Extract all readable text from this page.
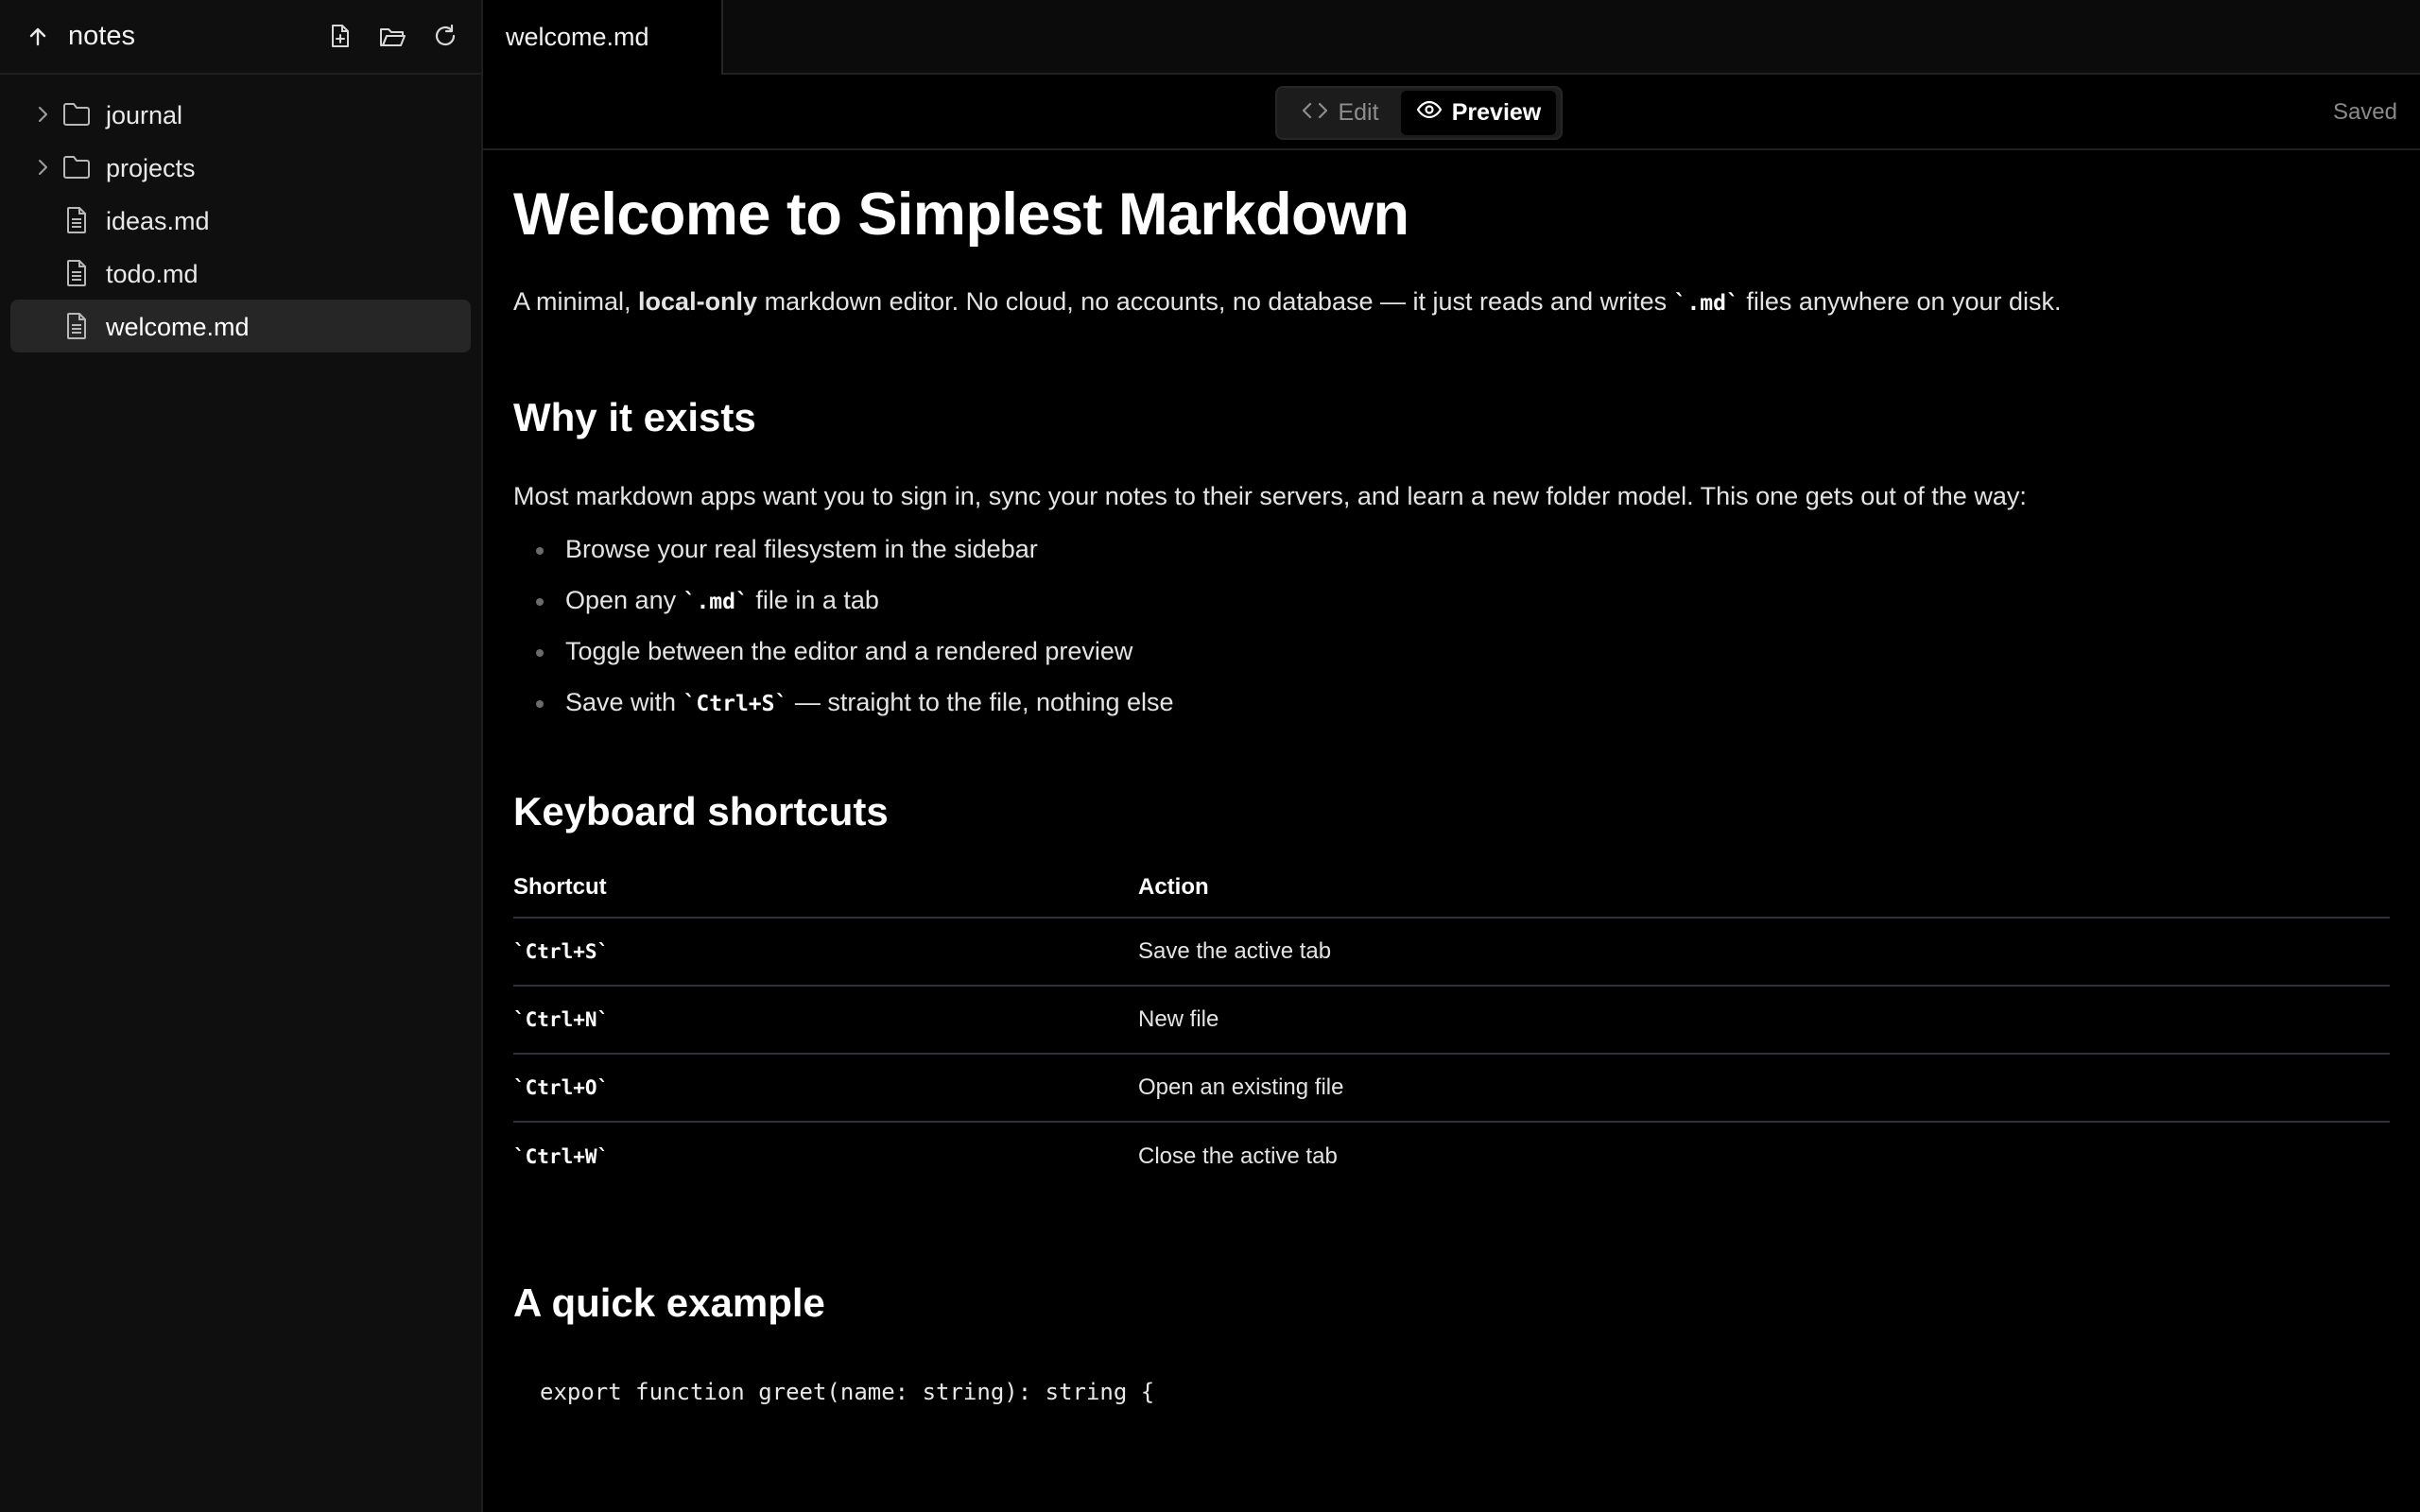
notes
journal
projects
ideas.md
todo.md
welcome.md
welcome.md
Edit	Preview	Saved
Welcome to Simplest Markdown

A minimal, local-only markdown editor. No cloud, no accounts, no database — it just reads and writes `.md` files anywhere on your disk.

Why it exists

Most markdown apps want you to sign in, sync your notes to their servers, and learn a new folder model. This one gets out of the way:

Browse your real filesystem in the sidebar
Open any `.md` file in a tab
Toggle between the editor and a rendered preview
Save with `Ctrl+S` — straight to the file, nothing else
Keyboard shortcuts
Shortcut	Action
`Ctrl+S`	Save the active tab
`Ctrl+N`	New file
`Ctrl+O`	Open an existing file
`Ctrl+W`	Close the active tab
A quick example
export function greet(name: string): string {
